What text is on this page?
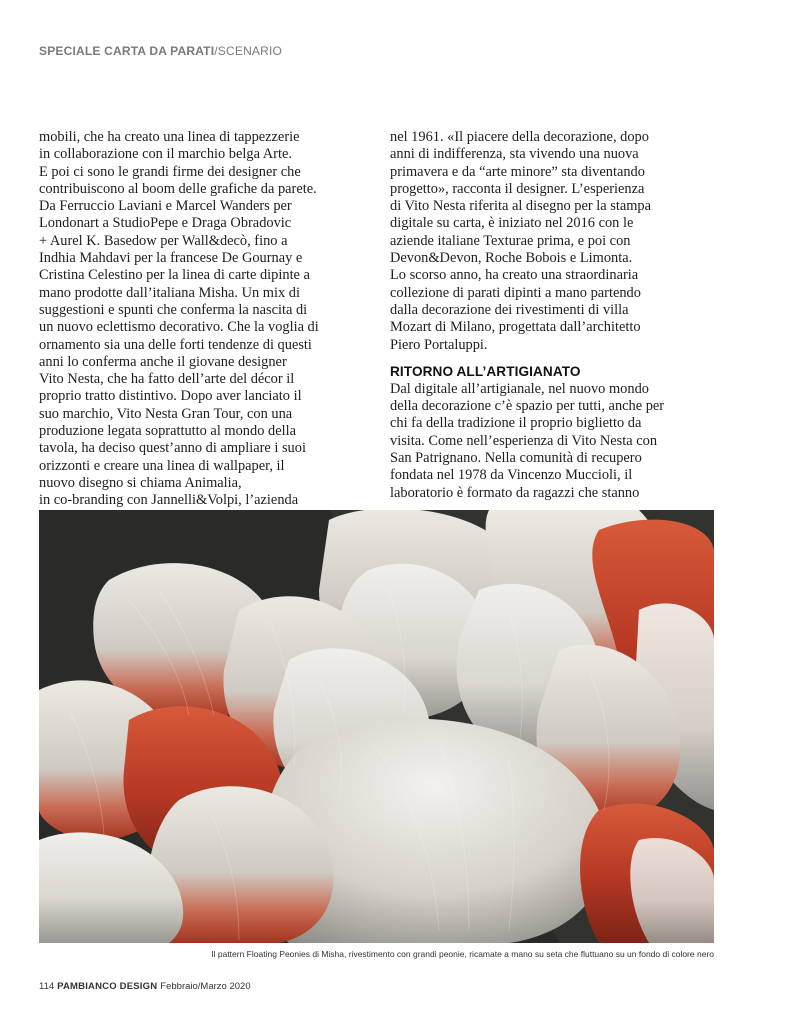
SPECIALE CARTA DA PARATI/SCENARIO
mobili, che ha creato una linea di tappezzerie
in collaborazione con il marchio belga Arte.
E poi ci sono le grandi firme dei designer che
contribuiscono al boom delle grafiche da parete.
Da Ferruccio Laviani e Marcel Wanders per
Londonart a StudioPepe e Draga Obradovic
+ Aurel K. Basedow per Wall&decò, fino a
Indhia Mahdavi per la francese De Gournay e
Cristina Celestino per la linea di carte dipinte a
mano prodotte dall’italiana Misha. Un mix di
suggestioni e spunti che conferma la nascita di
un nuovo eclettismo decorativo. Che la voglia di
ornamento sia una delle forti tendenze di questi
anni lo conferma anche il giovane designer
Vito Nesta, che ha fatto dell’arte del décor il
proprio tratto distintivo. Dopo aver lanciato il
suo marchio, Vito Nesta Gran Tour, con una
produzione legata soprattutto al mondo della
tavola, ha deciso quest’anno di ampliare i suoi
orizzonti e creare una linea di wallpaper, il
nuovo disegno si chiama Animalia,
in co-branding con Jannelli&Volpi, l’azienda
nel 1961. «Il piacere della decorazione, dopo
anni di indifferenza, sta vivendo una nuova
primavera e da “arte minore” sta diventando
progetto», racconta il designer. L’esperienza
di Vito Nesta riferita al disegno per la stampa
digitale su carta, è iniziato nel 2016 con le
aziende italiane Texturae prima, e poi con
Devon&Devon, Roche Bobois e Limonta.
Lo scorso anno, ha creato una straordinaria
collezione di parati dipinti a mano partendo
dalla decorazione dei rivestimenti di villa
Mozart di Milano, progettata dall’architetto
Piero Portaluppi.
RITORNO ALL’ARTIGIANATO
Dal digitale all’artigianale, nel nuovo mondo
della decorazione c’è spazio per tutti, anche per
chi fa della tradizione il proprio biglietto da
visita. Come nell’esperienza di Vito Nesta con
San Patrignano. Nella comunità di recupero
fondata nel 1978 da Vincenzo Muccioli, il
laboratorio è formato da ragazzi che stanno
Il pattern Floating Peonies di Misha, rivestimento con grandi peonie, ricamate a mano su seta che fluttuano su un fondo di colore nero
114 PAMBIANCO DESIGN Febbraio/Marzo 2020
